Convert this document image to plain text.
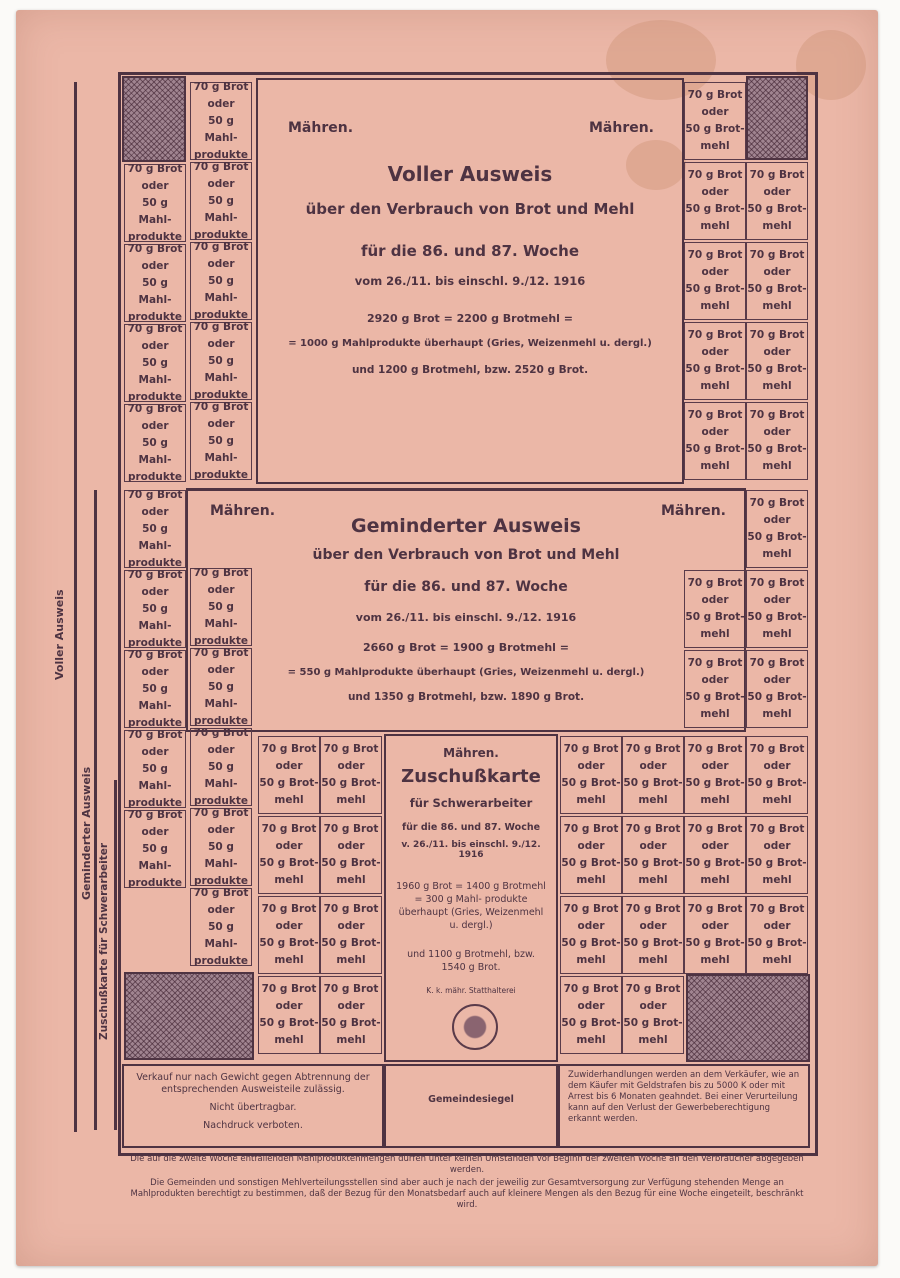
Voller Ausweis
Geminderter Ausweis
Zuschußkarte für Schwerarbeiter
Mähren.	Mähren.
Voller Ausweis
über den Verbrauch von Brot und Mehl
für die 86. und 87. Woche
vom 26./11. bis einschl. 9./12. 1916
2920 g Brot = 2200 g Brotmehl =
= 1000 g Mahlprodukte überhaupt (Gries, Weizenmehl u. dergl.)
und 1200 g Brotmehl, bzw. 2520 g Brot.
Mähren.	Mähren.
Geminderter Ausweis
über den Verbrauch von Brot und Mehl
für die 86. und 87. Woche
vom 26./11. bis einschl. 9./12. 1916
2660 g Brot = 1900 g Brotmehl =
= 550 g Mahlprodukte überhaupt (Gries, Weizenmehl u. dergl.)
und 1350 g Brotmehl, bzw. 1890 g Brot.
Mähren.
Zuschußkarte
für Schwerarbeiter
für die 86. und 87. Woche
v. 26./11. bis einschl. 9./12. 1916
1960 g Brot = 1400 g Brotmehl = 300 g Mahl- produkte überhaupt (Gries, Weizenmehl u. dergl.)
und 1100 g Brotmehl, bzw. 1540 g Brot.
K. k. mähr. Statthalterei
Verkauf nur nach Gewicht gegen Abtrennung der entsprechenden Ausweisteile zulässig.
Nicht übertragbar.
Nachdruck verboten.
Gemeindesiegel
Zuwiderhandlungen werden an dem Verkäufer, wie an dem Käufer mit Geldstrafen bis zu 5000 K oder mit Arrest bis 6 Monaten geahndet. Bei einer Verurteilung kann auf den Verlust der Gewerbeberechtigung erkannt werden.
Die auf die zweite Woche entfallenden Mahlproduktenmengen dürfen unter keinen Umständen vor Beginn der zweiten Woche an den Verbraucher abgegeben werden.
Die Gemeinden und sonstigen Mehlverteilungsstellen sind aber auch je nach der jeweilig zur Gesamtversorgung zur Verfügung stehenden Menge an Mahlprodukten berechtigt zu bestimmen, daß der Bezug für den Monatsbedarf auch auf kleinere Mengen als den Bezug für eine Woche eingeteilt, beschränkt wird.
70 g Brot
oder
50 g Mahl-
produkte
70 g Brot
oder
50 g Mahl-
produkte
70 g Brot
oder
50 g Mahl-
produkte
70 g Brot
oder
50 g Mahl-
produkte
70 g Brot
oder
50 g Mahl-
produkte
70 g Brot
oder
50 g Mahl-
produkte
70 g Brot
oder
50 g Mahl-
produkte
70 g Brot
oder
50 g Mahl-
produkte
70 g Brot
oder
50 g Mahl-
produkte
70 g Brot
oder
50 g Mahl-
produkte
70 g Brot
oder
50 g Mahl-
produkte
70 g Brot
oder
50 g Mahl-
produkte
70 g Brot
oder
50 g Mahl-
produkte
70 g Brot
oder
50 g Mahl-
produkte
70 g Brot
oder
50 g Mahl-
produkte
70 g Brot
oder
50 g Mahl-
produkte
70 g Brot
oder
50 g Mahl-
produkte
70 g Brot
oder
50 g Mahl-
produkte
70 g Brot
oder
50 g Mahl-
produkte
70 g Brot
oder
50 g Brot-
mehl
70 g Brot
oder
50 g Brot-
mehl
70 g Brot
oder
50 g Brot-
mehl
70 g Brot
oder
50 g Brot-
mehl
70 g Brot
oder
50 g Brot-
mehl
70 g Brot
oder
50 g Brot-
mehl
70 g Brot
oder
50 g Brot-
mehl
70 g Brot
oder
50 g Brot-
mehl
70 g Brot
oder
50 g Brot-
mehl
70 g Brot
oder
50 g Brot-
mehl
70 g Brot
oder
50 g Brot-
mehl
70 g Brot
oder
50 g Brot-
mehl
70 g Brot
oder
50 g Brot-
mehl
70 g Brot
oder
50 g Brot-
mehl
70 g Brot
oder
50 g Brot-
mehl
70 g Brot
oder
50 g Brot-
mehl
70 g Brot
oder
50 g Brot-
mehl
70 g Brot
oder
50 g Brot-
mehl
70 g Brot
oder
50 g Brot-
mehl
70 g Brot
oder
50 g Brot-
mehl
70 g Brot
oder
50 g Brot-
mehl
70 g Brot
oder
50 g Brot-
mehl
70 g Brot
oder
50 g Brot-
mehl
70 g Brot
oder
50 g Brot-
mehl
70 g Brot
oder
50 g Brot-
mehl
70 g Brot
oder
50 g Brot-
mehl
70 g Brot
oder
50 g Brot-
mehl
70 g Brot
oder
50 g Brot-
mehl
70 g Brot
oder
50 g Brot-
mehl
70 g Brot
oder
50 g Brot-
mehl
70 g Brot
oder
50 g Brot-
mehl
70 g Brot
oder
50 g Brot-
mehl
70 g Brot
oder
50 g Brot-
mehl
70 g Brot
oder
50 g Brot-
mehl
70 g Brot
oder
50 g Brot-
mehl
70 g Brot
oder
50 g Brot-
mehl
